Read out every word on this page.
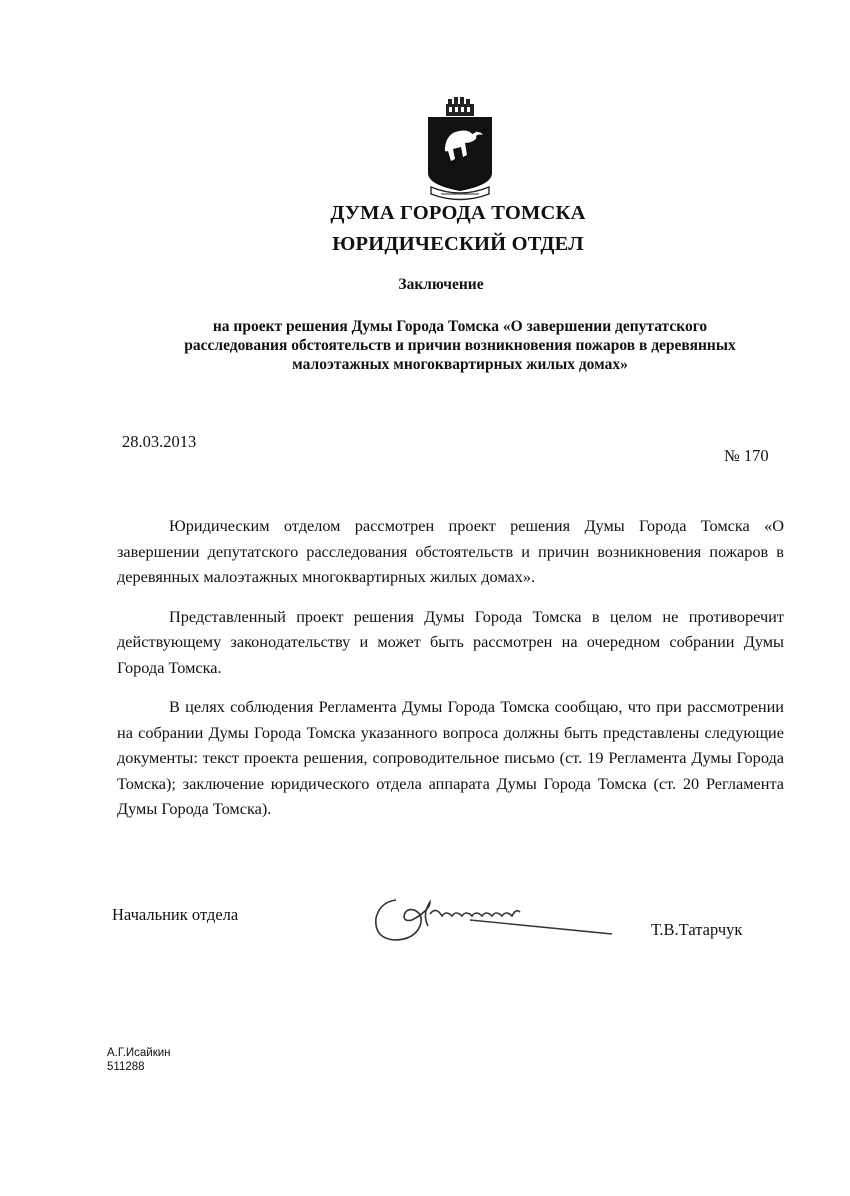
ДУМА ГОРОДА ТОМСКА
ЮРИДИЧЕСКИЙ ОТДЕЛ
Заключение
на проект решения Думы Города Томска «О завершении депутатского
расследования обстоятельств и причин возникновения пожаров в деревянных
малоэтажных многоквартирных жилых домах»
28.03.2013
№ 170

Юридическим отделом рассмотрен проект решения Думы Города Томска «О завершении депутатского расследования обстоятельств и причин возникновения пожаров в деревянных малоэтажных многоквартирных жилых домах».

Представленный проект решения Думы Города Томска в целом не противоречит действующему законодательству и может быть рассмотрен на очередном собрании Думы Города Томска.

В целях соблюдения Регламента Думы Города Томска сообщаю, что при рассмотрении на собрании Думы Города Томска указанного вопроса должны быть представлены следующие документы: текст проекта решения, сопроводительное письмо (ст. 19 Регламента Думы Города Томска); заключение юридического отдела аппарата Думы Города Томска (ст. 20 Регламента Думы Города Томска).

Начальник отдела
Т.В.Татарчук
А.Г.Исайкин
511288
